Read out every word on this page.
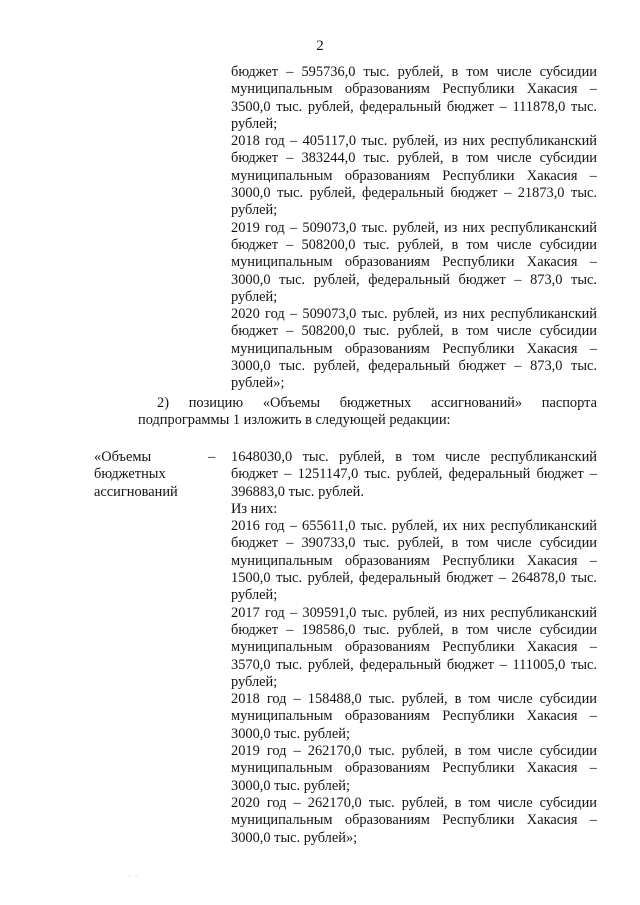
2

бюджет – 595736,0 тыс. рублей, в том числе субсидии муниципальным образованиям Республики Хакасия – 3500,0 тыс. рублей, федеральный бюджет – 111878,0 тыс. рублей;

2018 год – 405117,0 тыс. рублей, из них республиканский бюджет – 383244,0 тыс. рублей, в том числе субсидии муниципальным образованиям Республики Хакасия – 3000,0 тыс. рублей, федеральный бюджет – 21873,0 тыс. рублей;

2019 год – 509073,0 тыс. рублей, из них республиканский бюджет – 508200,0 тыс. рублей, в том числе субсидии муниципальным образованиям Республики Хакасия – 3000,0 тыс. рублей, федеральный бюджет – 873,0 тыс. рублей;

2020 год – 509073,0 тыс. рублей, из них республиканский бюджет – 508200,0 тыс. рублей, в том числе субсидии муниципальным образованиям Республики Хакасия – 3000,0 тыс. рублей, федеральный бюджет – 873,0 тыс. рублей»;

2) позицию «Объемы бюджетных ассигнований» паспорта подпрограммы 1 изложить в следующей редакции:

«Объемы бюджетных ассигнований
– 1648030,0 тыс. рублей, в том числе республиканский бюджет – 1251147,0 тыс. рублей, федеральный бюджет – 396883,0 тыс. рублей.

Из них:

2016 год – 655611,0 тыс. рублей, их них республиканский бюджет – 390733,0 тыс. рублей, в том числе субсидии муниципальным образованиям Республики Хакасия – 1500,0 тыс. рублей, федеральный бюджет – 264878,0 тыс. рублей;

2017 год – 309591,0 тыс. рублей, из них республиканский бюджет – 198586,0 тыс. рублей, в том числе субсидии муниципальным образованиям Республики Хакасия – 3570,0 тыс. рублей, федеральный бюджет – 111005,0 тыс. рублей;

2018 год – 158488,0 тыс. рублей, в том числе субсидии муниципальным образованиям Республики Хакасия – 3000,0 тыс. рублей;

2019 год – 262170,0 тыс. рублей, в том числе субсидии муниципальным образованиям Республики Хакасия – 3000,0 тыс. рублей;

2020 год – 262170,0 тыс. рублей, в том числе субсидии муниципальным образованиям Республики Хакасия – 3000,0 тыс. рублей»;

· ·
